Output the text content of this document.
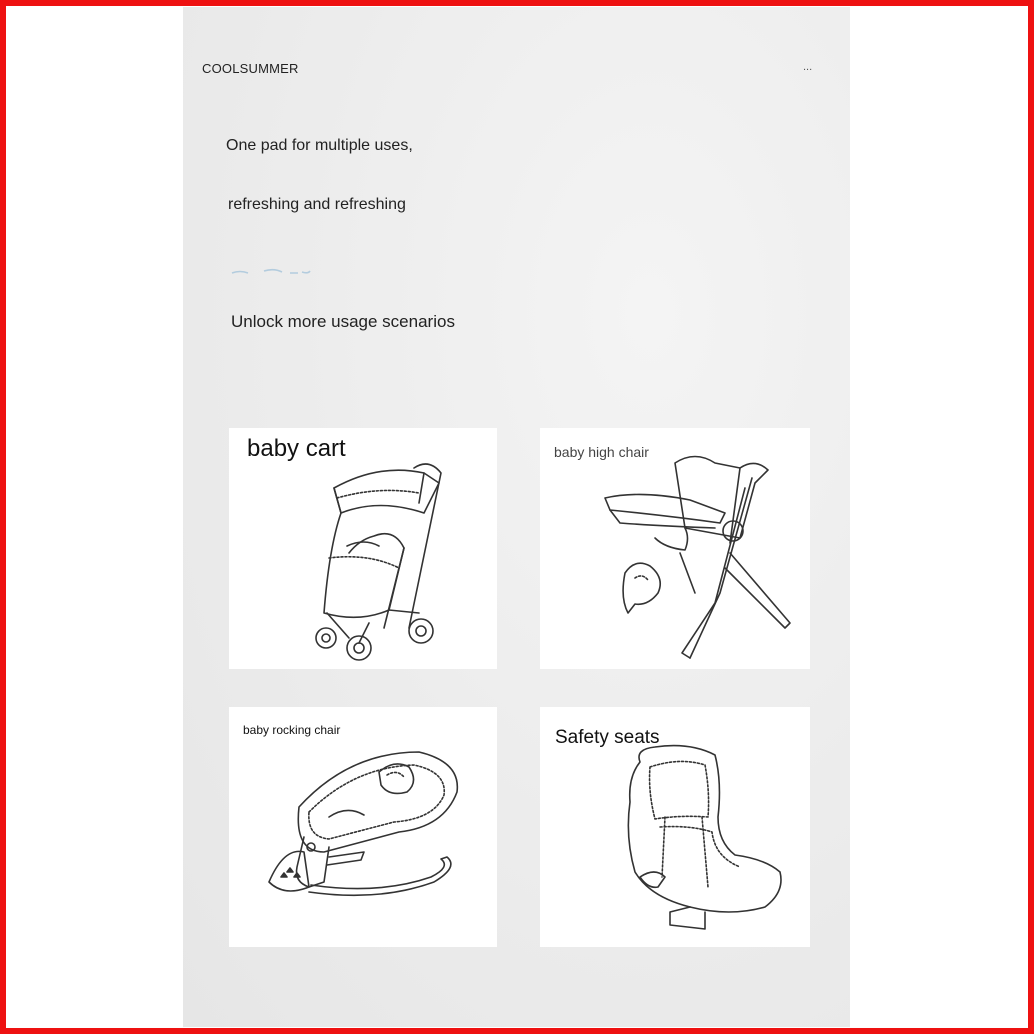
COOLSUMMER	...
One pad for multiple uses,
refreshing and refreshing
Unlock more usage scenarios
baby cart	baby high chair
baby rocking chair	Safety seats
